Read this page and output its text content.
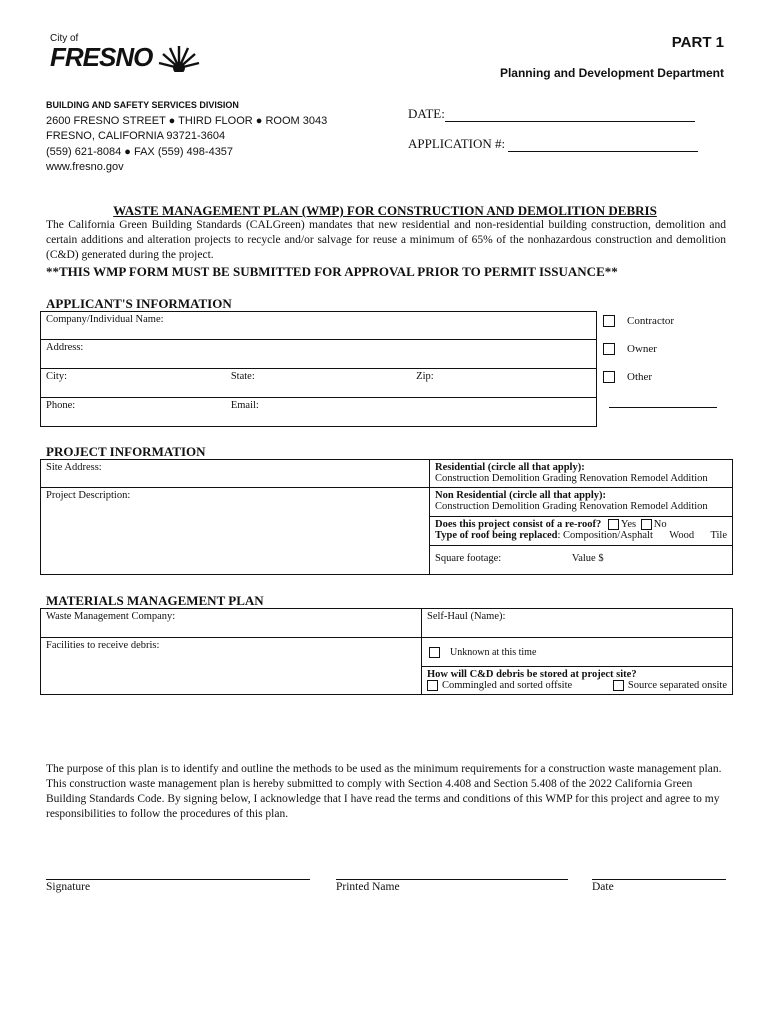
City of
FRESNO	PART 1
Planning and Development Department
BUILDING AND SAFETY SERVICES DIVISION
2600 FRESNO STREET ● THIRD FLOOR ● ROOM 3043
FRESNO, CALIFORNIA 93721-3604
(559) 621-8084 ● FAX (559) 498-4357
www.fresno.gov
DATE:
APPLICATION #:
WASTE MANAGEMENT PLAN (WMP) FOR CONSTRUCTION AND DEMOLITION DEBRIS
The California Green Building Standards (CALGreen) mandates that new residential and non-residential building construction, demolition and certain additions and alteration projects to recycle and/or salvage for reuse a minimum of 65% of the nonhazardous construction and demolition (C&D) generated during the project.
**THIS WMP FORM MUST BE SUBMITTED FOR APPROVAL PRIOR TO PERMIT ISSUANCE**
APPLICANT'S INFORMATION
Company/Individual Name:		
Address:		
City:	State:	Zip:
Phone:	Email:	
Contractor
Owner
Other
PROJECT INFORMATION
Site Address:	Residential (circle all that apply):
Construction Demolition Grading Renovation Remodel Addition

Project Description:	Non Residential (circle all that apply):
Construction Demolition Grading Renovation Remodel Addition

	Does this project consist of a re-roof? Yes No
Type of roof being replaced: Composition/Asphalt Wood Tile

	Square footage: Value $
MATERIALS MANAGEMENT PLAN
Waste Management Company:	Self-Haul (Name):
Facilities to receive debris:	Unknown at this time

	How will C&D debris be stored at project site?
Commingled and sorted offsite Source separated onsite
The purpose of this plan is to identify and outline the methods to be used as the minimum requirements for a construction waste management plan. This construction waste management plan is hereby submitted to comply with Section 4.408 and Section 5.408 of the 2022 California Green Building Standards Code. By signing below, I acknowledge that I have read the terms and conditions of this WMP for this project and agree to my responsibilities to follow the procedures of this plan.
Signature	Printed Name	Date
